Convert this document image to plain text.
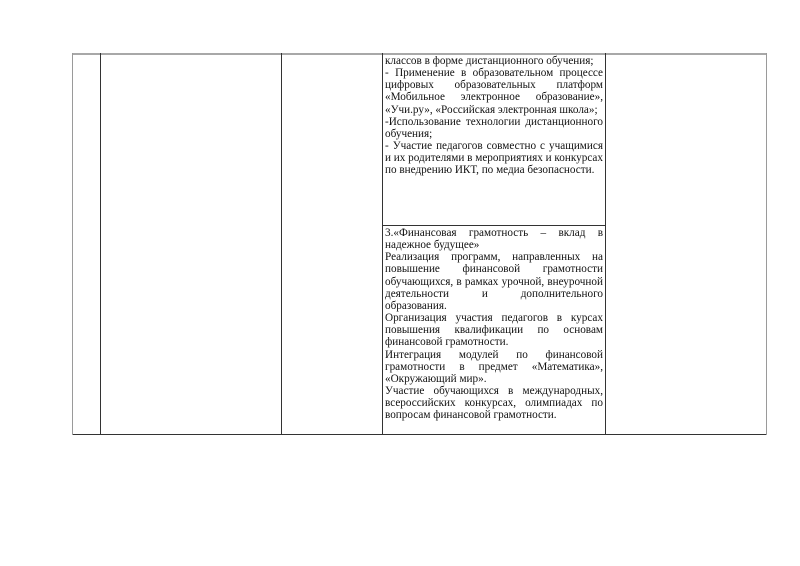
классов в форме дистанционного обучения;

- Применение в образовательном процессе цифровых образовательных платформ «Мобильное электронное образование», «Учи.ру», «Российская электронная школа»;

-Использование технологии дистанционного обучения;

- Участие педагогов совместно с учащимися и их родителями в мероприятиях и конкурсах по внедрению ИКТ, по медиа безопасности.

3.«Финансовая грамотность – вклад в надежное будущее»

Реализация программ, направленных на повышение финансовой грамотности обучающихся, в рамках урочной, внеурочной деятельности и дополнительного образования.

Организация участия педагогов в курсах повышения квалификации по основам финансовой грамотности.

Интеграция модулей по финансовой грамотности в предмет «Математика», «Окружающий мир».

Участие обучающихся в международных, всероссийских конкурсах, олимпиадах по вопросам финансовой грамотности.
